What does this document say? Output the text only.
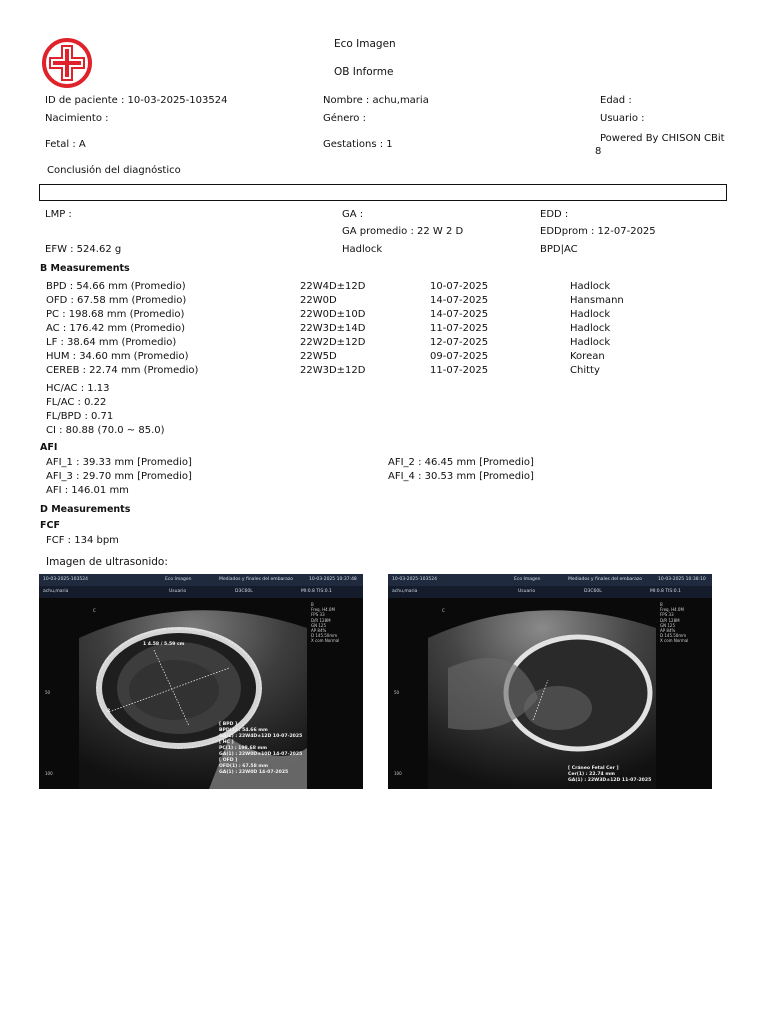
Eco Imagen
OB Informe
ID de paciente : 10-03-2025-103524	Nombre : achu,maria	Edad :
Nacimiento :	Género :	Usuario :
Fetal : A	Gestations : 1
Powered By CHISON CBit
8
Conclusión del diagnóstico
LMP :	GA :	EDD :
GA promedio : 22 W 2 D	EDDprom : 12-07-2025
EFW : 524.62 g	Hadlock	BPD|AC
B Measurements
BPD : 54.66 mm (Promedio)	22W4D±12D	10-07-2025	Hadlock
OFD : 67.58 mm (Promedio)	22W0D	14-07-2025	Hansmann
PC : 198.68 mm (Promedio)	22W0D±10D	14-07-2025	Hadlock
AC : 176.42 mm (Promedio)	22W3D±14D	11-07-2025	Hadlock
LF : 38.64 mm (Promedio)	22W2D±12D	12-07-2025	Hadlock
HUM : 34.60 mm (Promedio)	22W5D	09-07-2025	Korean
CEREB : 22.74 mm (Promedio)	22W3D±12D	11-07-2025	Chitty
HC/AC : 1.13
FL/AC : 0.22
FL/BPD : 0.71
CI : 80.88 (70.0 ~ 85.0)
AFI
AFI_1 : 39.33 mm [Promedio]	AFI_2 : 46.45 mm [Promedio]
AFI_3 : 29.70 mm [Promedio]	AFI_4 : 30.53 mm [Promedio]
AFI : 146.01 mm
D Measurements
FCF
FCF : 134 bpm
Imagen de ultrasonido:
10-03-2025-103524	Eco Imagen	Mediados y finales del embarazo	10-03-2025 10:37:48
achu,maria	Usuario	D3C60L	MI:0.8 TIS:0.1
1 4.58 / 5.59 cm
2
C
50
100
B
Freq. H4.0M
FPS 33
D/R 128M
GN 125
AP 84%
D 145.50mm
X com Normal
[ BPD ]
BPD(1) : 54.66 mm
GA(1) : 22W4D±12D 10-07-2025
[ HC ]
PC(1) : 198.68 mm
GA(1) : 22W0D±10D 14-07-2025
[ OFD ]
OFD(1) : 67.58 mm
GA(1) : 22W0D 14-07-2025
10-03-2025-103524	Eco Imagen	Mediados y finales del embarazo	10-03-2025 10:38:10
achu,maria	Usuario	D3C60L	MI:0.8 TIS:0.1
C
50
100
B
Freq. H4.0M
FPS 33
D/R 128M
GN 125
AP 84%
D 145.50mm
X com Normal
[ Cráneo Fetal Cer ]
Cer(1) : 22.74 mm
GA(1) : 22W3D±12D 11-07-2025
